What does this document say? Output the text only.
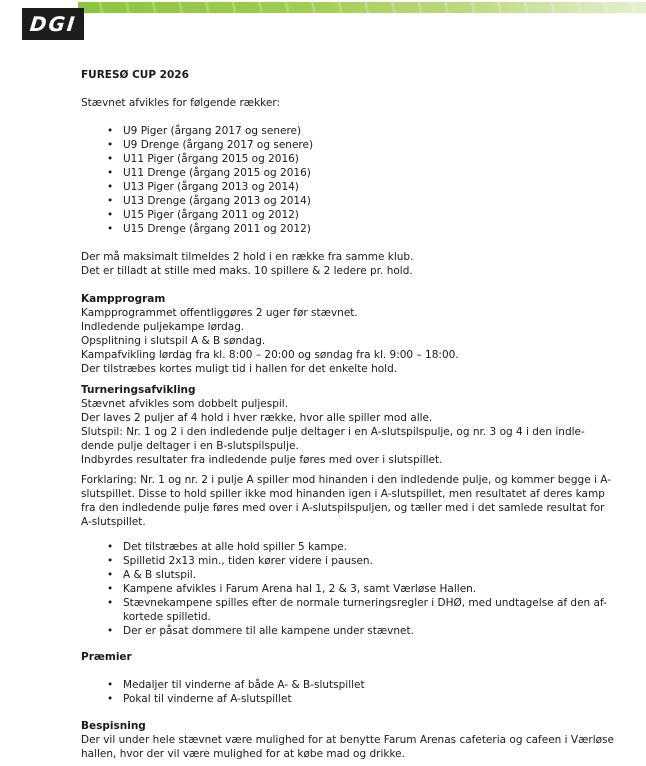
DGI
FURESØ CUP 2026
Stævnet afvikles for følgende rækker:
• U9 Piger (årgang 2017 og senere)
• U9 Drenge (årgang 2017 og senere)
• U11 Piger (årgang 2015 og 2016)
• U11 Drenge (årgang 2015 og 2016)
• U13 Piger (årgang 2013 og 2014)
• U13 Drenge (årgang 2013 og 2014)
• U15 Piger (årgang 2011 og 2012)
• U15 Drenge (årgang 2011 og 2012)
Der må maksimalt tilmeldes 2 hold i en række fra samme klub.
Det er tilladt at stille med maks. 10 spillere & 2 ledere pr. hold.
Kampprogram
Kampprogrammet offentliggøres 2 uger før stævnet.
Indledende puljekampe lørdag.
Opsplitning i slutspil A & B søndag.
Kampafvikling lørdag fra kl. 8:00 – 20:00 og søndag fra kl. 9:00 – 18:00.
Der tilstræbes kortes muligt tid i hallen for det enkelte hold.
Turneringsafvikling
Stævnet afvikles som dobbelt puljespil.
Der laves 2 puljer af 4 hold i hver række, hvor alle spiller mod alle.
Slutspil: Nr. 1 og 2 i den indledende pulje deltager i en A-slutspilspulje, og nr. 3 og 4 i den indle-
dende pulje deltager i en B-slutspilspulje.
Indbyrdes resultater fra indledende pulje føres med over i slutspillet.
Forklaring: Nr. 1 og nr. 2 i pulje A spiller mod hinanden i den indledende pulje, og kommer begge i A-
slutspillet. Disse to hold spiller ikke mod hinanden igen i A-slutspillet, men resultatet af deres kamp
fra den indledende pulje føres med over i A-slutspilspuljen, og tæller med i det samlede resultat for
A-slutspillet.
• Det tilstræbes at alle hold spiller 5 kampe.
• Spilletid 2x13 min., tiden kører videre i pausen.
• A & B slutspil.
• Kampene afvikles i Farum Arena hal 1, 2 & 3, samt Værløse Hallen.
• Stævnekampene spilles efter de normale turneringsregler i DHØ, med undtagelse af den af-
kortede spilletid.
• Der er påsat dommere til alle kampene under stævnet.
Præmier
• Medaljer til vinderne af både A- & B-slutspillet
• Pokal til vinderne af A-slutspillet
Bespisning
Der vil under hele stævnet være mulighed for at benytte Farum Arenas cafeteria og cafeen i Værløse
hallen, hvor der vil være mulighed for at købe mad og drikke.
